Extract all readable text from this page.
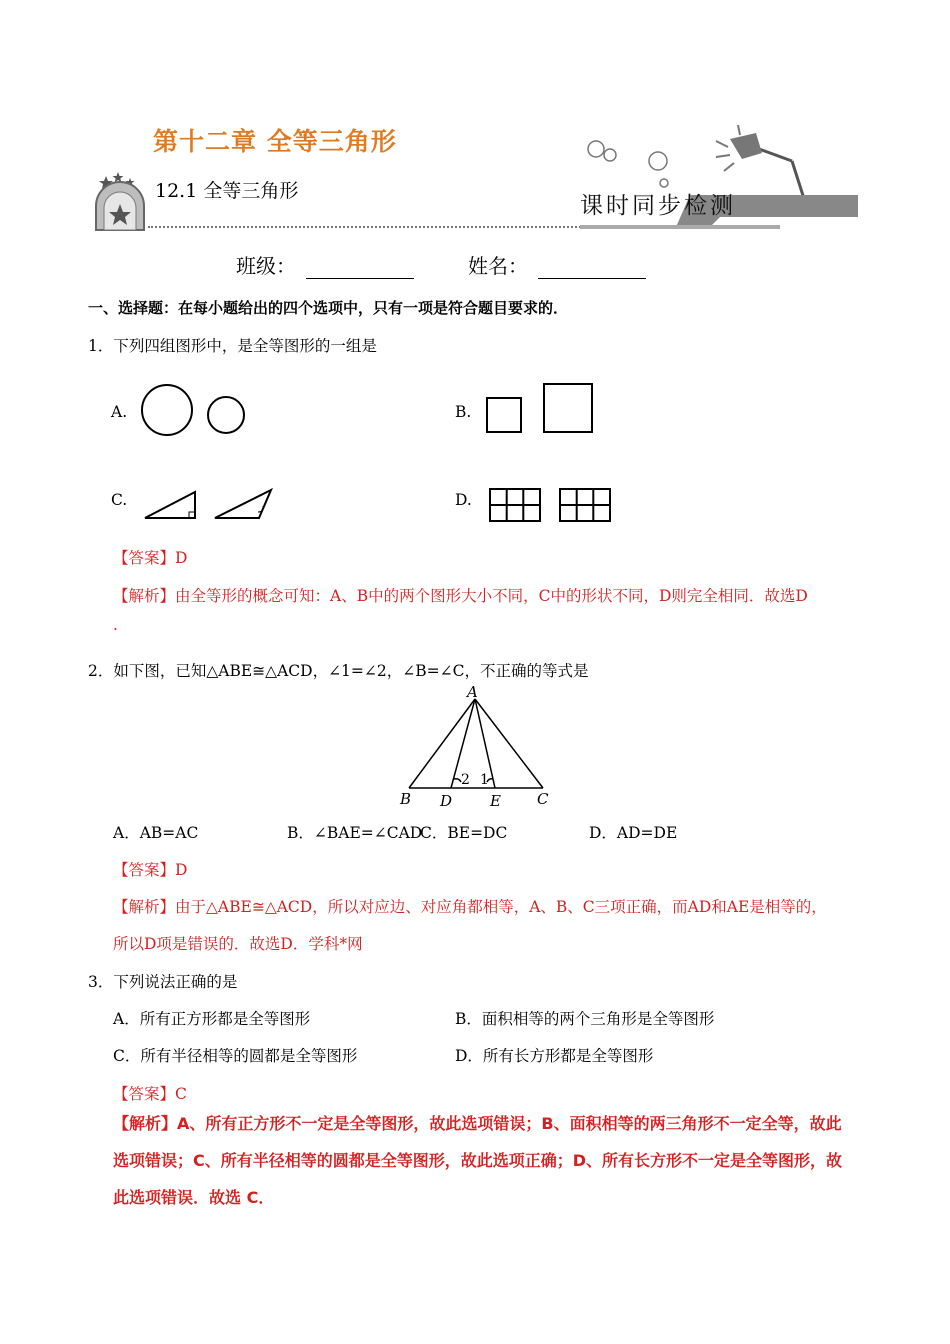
第十二章 全等三角形
12.1 全等三角形
课时同步检测
班级：	姓名：
一、选择题：在每小题给出的四个选项中，只有一项是符合题目要求的．
1．下列四组图形中，是全等图形的一组是
A.	B.
C.	D.
【答案】D
【解析】由全等形的概念可知：A、B中的两个图形大小不同，C中的形状不同，D则完全相同．故选D
.
2．如下图，已知△ABE≅△ACD，∠1=∠2，∠B=∠C，不正确的等式是
A
B D	E C
2 1
A．AB=AC	B．∠BAE=∠CAD
C．BE=DC	D．AD=DE
【答案】D
【解析】由于△ABE≅△ACD，所以对应边、对应角都相等，A、B、C三项正确，而AD和AE是相等的，
所以D项是错误的．故选D．学科*网
3．下列说法正确的是
A．所有正方形都是全等图形	B．面积相等的两个三角形是全等图形
C．所有半径相等的圆都是全等图形	D．所有长方形都是全等图形
【答案】C
【解析】A、所有正方形不一定是全等图形，故此选项错误；B、面积相等的两三角形不一定全等，故此
选项错误；C、所有半径相等的圆都是全等图形，故此选项正确；D、所有长方形不一定是全等图形，故
此选项错误．故选 C．
